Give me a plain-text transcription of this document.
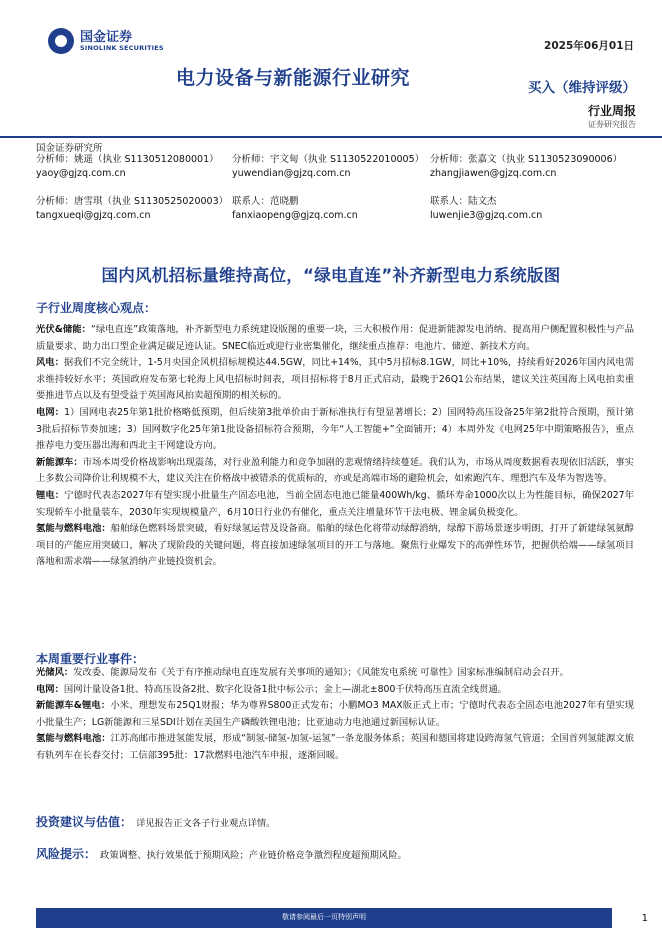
国金证券
SINOLINK SECURITIES	2025年06月01日
电力设备与新能源行业研究	买入（维持评级）
行业周报
证券研究报告
国金证券研究所
分析师：姚遥（执业 S1130512080001）
yaoy@gjzq.com.cn
分析师：宇文甸（执业 S1130522010005）
yuwendian@gjzq.com.cn
分析师：张嘉文（执业 S1130523090006）
zhangjiawen@gjzq.com.cn
分析师：唐雪琪（执业 S1130525020003）
tangxueqi@gjzq.com.cn
联系人：范晓鹏
fanxiaopeng@gjzq.com.cn
联系人：陆文杰
luwenjie3@gjzq.com.cn
国内风机招标量维持高位，“绿电直连”补齐新型电力系统版图
子行业周度核心观点：

光伏&储能：“绿电直连”政策落地，补齐新型电力系统建设版图的重要一块，三大积极作用：促进新能源发电消纳、提高用户侧配置积极性与产品质量要求、助力出口型企业满足碳足迹认证。SNEC临近或迎行业密集催化，继续重点推荐：电池片、储逆、新技术方向。

风电：据我们不完全统计，1-5月央国企风机招标规模达44.5GW，同比+14%，其中5月招标8.1GW，同比+10%，持续看好2026年国内风电需求维持较好水平；英国政府发布第七轮海上风电招标时间表，项目招标将于8月正式启动，最晚于26Q1公布结果，建议关注英国海上风电拍卖重要推进节点以及有望受益于英国海风拍卖超预期的相关标的。

电网：1）国网电表25年第1批价格略低预期，但后续第3批单价由于新标准执行有望显著增长；2）国网特高压设备25年第2批符合预期，预计第3批后招标节奏加速；3）国网数字化25年第1批设备招标符合预期，今年“人工智能+”全面铺开；4）本周外发《电网25年中期策略报告》，重点推荐电力变压器出海和西北主干网建设方向。

新能源车：市场本周受价格战影响出现震荡，对行业盈利能力和竞争加剧的悲观情绪持续蔓延。我们认为，市场从周度数据看表现依旧活跃，事实上多数公司降价让利规模不大，建议关注在价格战中被错杀的优质标的，亦或是高端市场的避险机会，如索跑汽车、理想汽车及华为智选等。

锂电：宁德时代表态2027年有望实现小批量生产固态电池，当前全固态电池已能量400Wh/kg、循环寿命1000次以上为性能目标，确保2027年实现轿车小批量装车，2030年实现规模量产，6月10日行业仍有催化，重点关注增量环节干法电极、锂金属负极变化。

氢能与燃料电池：船舶绿色燃料场景突破，看好绿氢运营及设备商。船舶的绿色化将带动绿醇消纳，绿醇下游场景逐步明朗，打开了新建绿氢氨醇项目的产能应用突破口，解决了现阶段的关键问题，将直接加速绿氢项目的开工与落地。聚焦行业爆发下的高弹性环节，把握供给端——绿氢项目落地和需求端——绿氢消纳产业链投资机会。

本周重要行业事件：

光储风：发改委、能源局发布《关于有序推动绿电直连发展有关事项的通知》；《风能发电系统 可靠性》国家标准编制启动会召开。

电网：国网计量设备1批、特高压设备2批、数字化设备1批中标公示；金上—湖北±800千伏特高压直流全线贯通。

新能源车&锂电：小米、理想发布25Q1财报；华为尊界S800正式发布；小鹏MO3 MAX版正式上市；宁德时代表态全固态电池2027年有望实现小批量生产；LG新能源和三星SDI计划在美国生产磷酸铁锂电池；比亚迪动力电池通过新国标认证。

氢能与燃料电池：江苏高邮市推进氢能发展，形成“制氢-储氢-加氢-运氢”一条龙服务体系；英国和德国将建设跨海氢气管道；全国首列氢能源文旅有轨列车在长春交付；工信部395批：17款燃料电池汽车申报，逐渐回暖。

投资建议与估值： 详见报告正文各子行业观点详情。
风险提示： 政策调整、执行效果低于预期风险；产业链价格竞争激烈程度超预期风险。
敬请参阅最后一页特别声明	1
